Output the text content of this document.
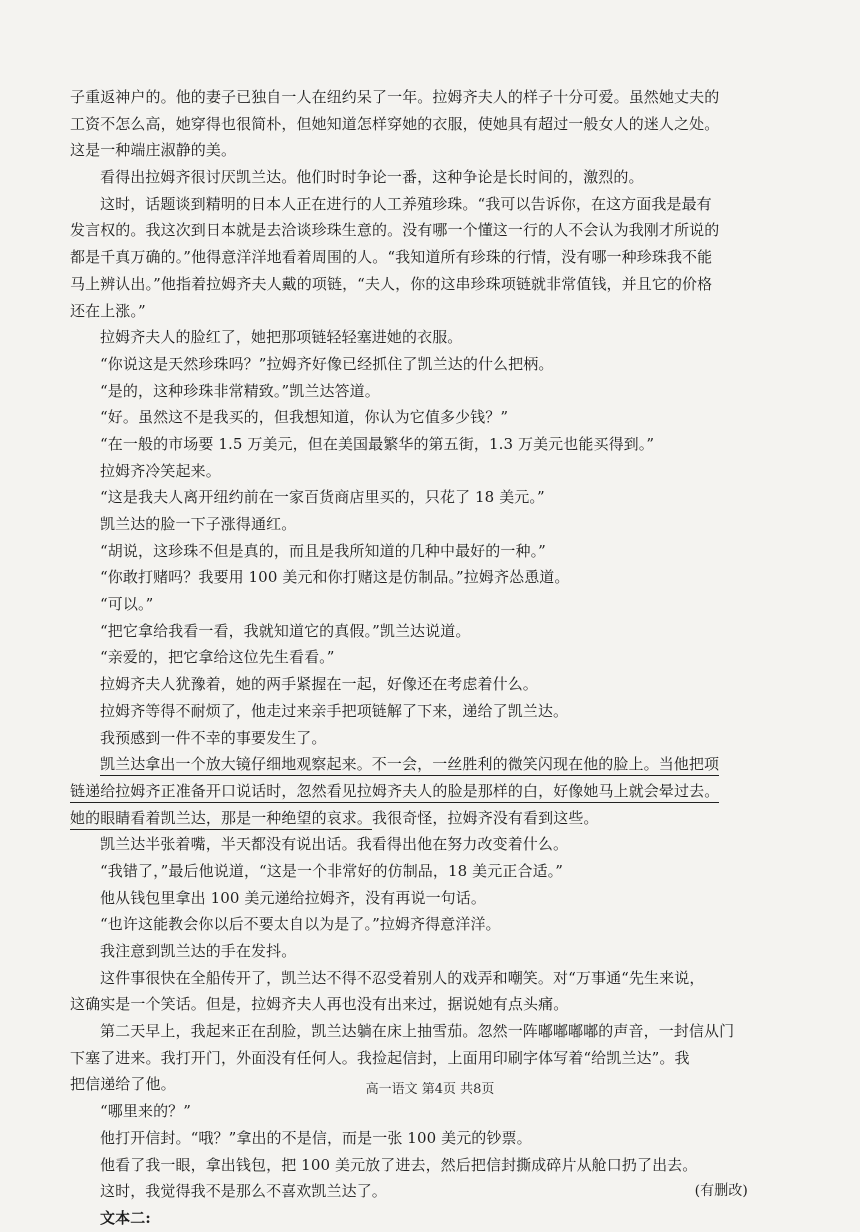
子重返神户的。他的妻子已独自一人在纽约呆了一年。拉姆齐夫人的样子十分可爱。虽然她丈夫的
工资不怎么高，她穿得也很简朴，但她知道怎样穿她的衣服，使她具有超过一般女人的迷人之处。
这是一种端庄淑静的美。
看得出拉姆齐很讨厌凯兰达。他们时时争论一番，这种争论是长时间的，激烈的。
这时，话题谈到精明的日本人正在进行的人工养殖珍珠。“我可以告诉你，在这方面我是最有
发言权的。我这次到日本就是去洽谈珍珠生意的。没有哪一个懂这一行的人不会认为我刚才所说的
都是千真万确的。”他得意洋洋地看着周围的人。“我知道所有珍珠的行情，没有哪一种珍珠我不能
马上辨认出。”他指着拉姆齐夫人戴的项链，“夫人，你的这串珍珠项链就非常值钱，并且它的价格
还在上涨。”
拉姆齐夫人的脸红了，她把那项链轻轻塞进她的衣服。
“你说这是天然珍珠吗？”拉姆齐好像已经抓住了凯兰达的什么把柄。
“是的，这种珍珠非常精致。”凯兰达答道。
“好。虽然这不是我买的，但我想知道，你认为它值多少钱？”
“在一般的市场要 1.5 万美元，但在美国最繁华的第五街，1.3 万美元也能买得到。”
拉姆齐冷笑起来。
“这是我夫人离开纽约前在一家百货商店里买的，只花了 18 美元。”
凯兰达的脸一下子涨得通红。
“胡说，这珍珠不但是真的，而且是我所知道的几种中最好的一种。”
“你敢打赌吗？我要用 100 美元和你打赌这是仿制品。”拉姆齐怂恿道。
“可以。”
“把它拿给我看一看，我就知道它的真假。”凯兰达说道。
“亲爱的，把它拿给这位先生看看。”
拉姆齐夫人犹豫着，她的两手紧握在一起，好像还在考虑着什么。
拉姆齐等得不耐烦了，他走过来亲手把项链解了下来，递给了凯兰达。
我预感到一件不幸的事要发生了。
凯兰达拿出一个放大镜仔细地观察起来。不一会，一丝胜利的微笑闪现在他的脸上。当他把项
链递给拉姆齐正准备开口说话时，忽然看见拉姆齐夫人的脸是那样的白，好像她马上就会晕过去。
她的眼睛看着凯兰达，那是一种绝望的哀求。我很奇怪，拉姆齐没有看到这些。
凯兰达半张着嘴，半天都没有说出话。我看得出他在努力改变着什么。
“我错了，”最后他说道，“这是一个非常好的仿制品，18 美元正合适。”
他从钱包里拿出 100 美元递给拉姆齐，没有再说一句话。
“也许这能教会你以后不要太自以为是了。”拉姆齐得意洋洋。
我注意到凯兰达的手在发抖。
这件事很快在全船传开了，凯兰达不得不忍受着别人的戏弄和嘲笑。对“万事通“先生来说，
这确实是一个笑话。但是，拉姆齐夫人再也没有出来过，据说她有点头痛。
第二天早上，我起来正在刮脸，凯兰达躺在床上抽雪茄。忽然一阵嘟嘟嘟嘟的声音，一封信从门
下塞了进来。我打开门，外面没有任何人。我捡起信封，上面用印刷字体写着“给凯兰达”。我
把信递给了他。
“哪里来的？”
他打开信封。“哦？”拿出的不是信，而是一张 100 美元的钞票。
他看了我一眼，拿出钱包，把 100 美元放了进去，然后把信封撕成碎片从舱口扔了出去。
这时，我觉得我不是那么不喜欢凯兰达了。	(有删改)
文本二:
高一语文 第4页 共8页
